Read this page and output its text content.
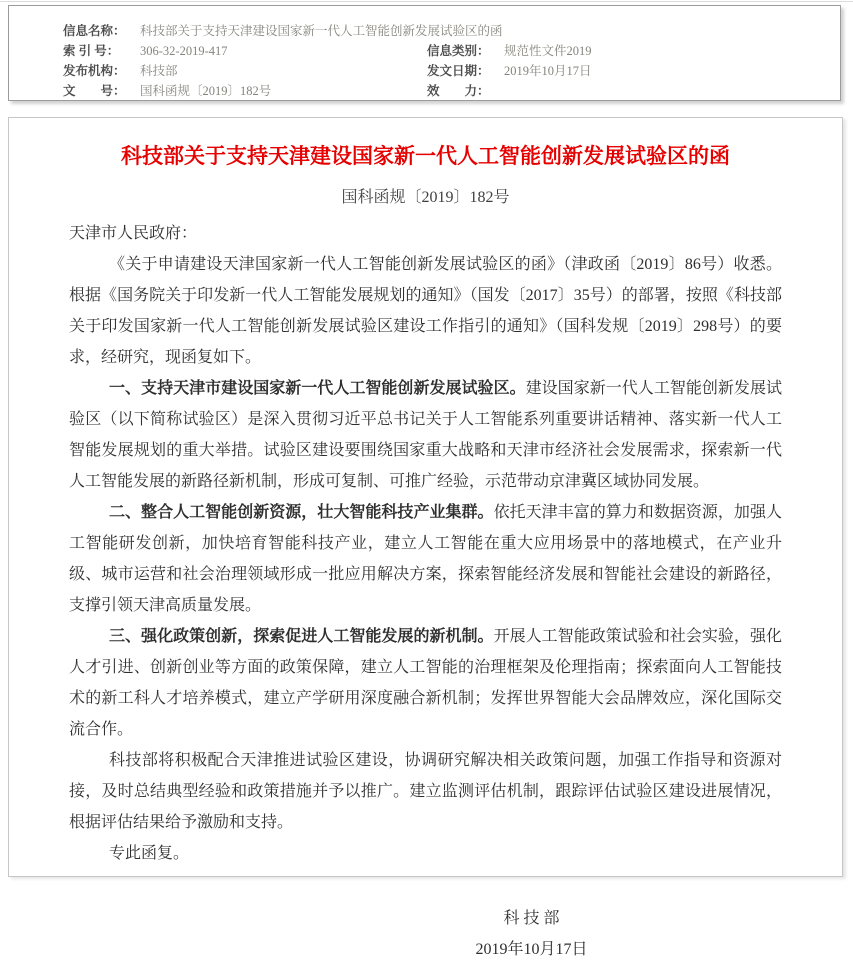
信息名称： 科技部关于支持天津建设国家新一代人工智能创新发展试验区的函
索 引 号： 306-32-2019-417	信息类别： 规范性文件2019
发布机构： 科技部	发文日期： 2019年10月17日
文　　号： 国科函规〔2019〕182号	效　　力：
科技部关于支持天津建设国家新一代人工智能创新发展试验区的函
国科函规〔2019〕182号

天津市人民政府：

《关于申请建设天津国家新一代人工智能创新发展试验区的函》（津政函〔2019〕86号）收悉。根据《国务院关于印发新一代人工智能发展规划的通知》（国发〔2017〕35号）的部署，按照《科技部关于印发国家新一代人工智能创新发展试验区建设工作指引的通知》（国科发规〔2019〕298号）的要求，经研究，现函复如下。

一、支持天津市建设国家新一代人工智能创新发展试验区。建设国家新一代人工智能创新发展试验区（以下简称试验区）是深入贯彻习近平总书记关于人工智能系列重要讲话精神、落实新一代人工智能发展规划的重大举措。试验区建设要围绕国家重大战略和天津市经济社会发展需求，探索新一代人工智能发展的新路径新机制，形成可复制、可推广经验，示范带动京津冀区域协同发展。

二、整合人工智能创新资源，壮大智能科技产业集群。依托天津丰富的算力和数据资源，加强人工智能研发创新，加快培育智能科技产业，建立人工智能在重大应用场景中的落地模式，在产业升级、城市运营和社会治理领域形成一批应用解决方案，探索智能经济发展和智能社会建设的新路径，支撑引领天津高质量发展。

三、强化政策创新，探索促进人工智能发展的新机制。开展人工智能政策试验和社会实验，强化人才引进、创新创业等方面的政策保障，建立人工智能的治理框架及伦理指南；探索面向人工智能技术的新工科人才培养模式，建立产学研用深度融合新机制；发挥世界智能大会品牌效应，深化国际交流合作。

科技部将积极配合天津推进试验区建设，协调研究解决相关政策问题，加强工作指导和资源对接，及时总结典型经验和政策措施并予以推广。建立监测评估机制，跟踪评估试验区建设进展情况，根据评估结果给予激励和支持。

专此函复。

科 技 部
2019年10月17日
